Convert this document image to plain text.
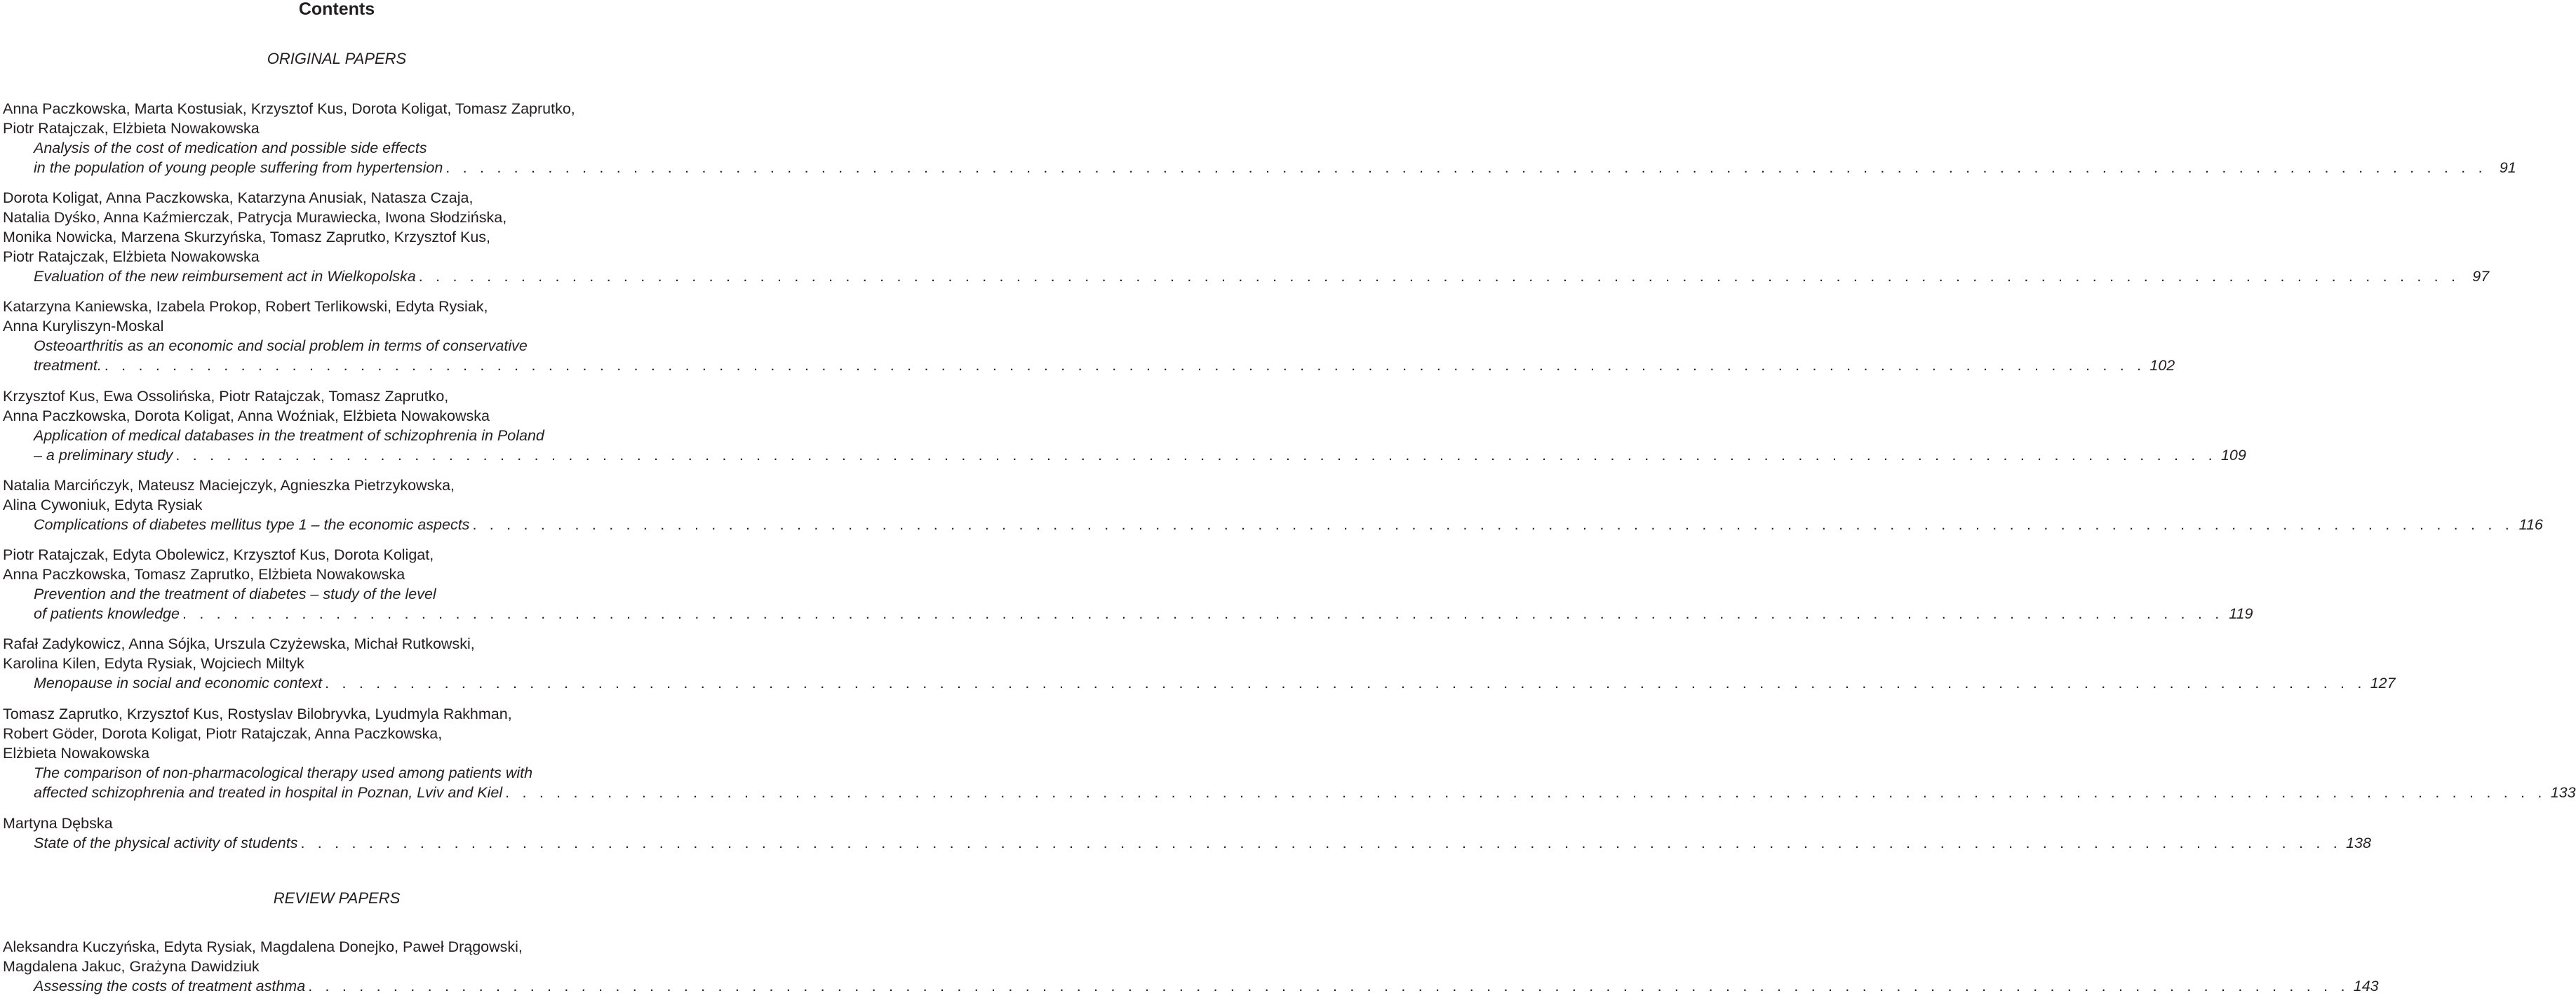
Contents
ORIGINAL PAPERS
Anna Paczkowska, Marta Kostusiak, Krzysztof Kus, Dorota Koligat, Tomasz Zaprutko,
Piotr Ratajczak, Elżbieta Nowakowska
Analysis of the cost of medication and possible side effects
in the population of young people suffering from hypertension . . . . . . . . . . . . . . . . . . . . . . . . . . . . . . . . . . . . . . . . . . . . . . . . . . . . . . . . . . . . . . . . . . . . . . . . . . . . . . . . . . . . . . . . . . . . . . . . . . . . . . . . . . . . . . . . . . . . . . . . 91
Dorota Koligat, Anna Paczkowska, Katarzyna Anusiak, Natasza Czaja,
Natalia Dyśko, Anna Kaźmierczak, Patrycja Murawiecka, Iwona Słodzińska,
Monika Nowicka, Marzena Skurzyńska, Tomasz Zaprutko, Krzysztof Kus,
Piotr Ratajczak, Elżbieta Nowakowska
Evaluation of the new reimbursement act in Wielkopolska . . . . . . . . . . . . . . . . . . . . . . . . . . . . . . . . . . . . . . . . . . . . . . . . . . . . . . . . . . . . . . . . . . . . . . . . . . . . . . . . . . . . . . . . . . . . . . . . . . . . . . . . . . . . . . . . . . . . . . . . 97
Katarzyna Kaniewska, Izabela Prokop, Robert Terlikowski, Edyta Rysiak,
Anna Kuryliszyn-Moskal
Osteoarthritis as an economic and social problem in terms of conservative
treatment. . . . . . . . . . . . . . . . . . . . . . . . . . . . . . . . . . . . . . . . . . . . . . . . . . . . . . . . . . . . . . . . . . . . . . . . . . . . . . . . . . . . . . . . . . . . . . . . . . . . . . . . . . . . . . . . . . . . . . . . . 102
Krzysztof Kus, Ewa Ossolińska, Piotr Ratajczak, Tomasz Zaprutko,
Anna Paczkowska, Dorota Koligat, Anna Woźniak, Elżbieta Nowakowska
Application of medical databases in the treatment of schizophrenia in Poland
– a preliminary study . . . . . . . . . . . . . . . . . . . . . . . . . . . . . . . . . . . . . . . . . . . . . . . . . . . . . . . . . . . . . . . . . . . . . . . . . . . . . . . . . . . . . . . . . . . . . . . . . . . . . . . . . . . . . . . . . . . . . . . . 109
Natalia Marcińczyk, Mateusz Maciejczyk, Agnieszka Pietrzykowska,
Alina Cywoniuk, Edyta Rysiak
Complications of diabetes mellitus type 1 – the economic aspects . . . . . . . . . . . . . . . . . . . . . . . . . . . . . . . . . . . . . . . . . . . . . . . . . . . . . . . . . . . . . . . . . . . . . . . . . . . . . . . . . . . . . . . . . . . . . . . . . . . . . . . . . . . . . . . . . . . . . . . . 116
Piotr Ratajczak, Edyta Obolewicz, Krzysztof Kus, Dorota Koligat,
Anna Paczkowska, Tomasz Zaprutko, Elżbieta Nowakowska
Prevention and the treatment of diabetes – study of the level
of patients knowledge . . . . . . . . . . . . . . . . . . . . . . . . . . . . . . . . . . . . . . . . . . . . . . . . . . . . . . . . . . . . . . . . . . . . . . . . . . . . . . . . . . . . . . . . . . . . . . . . . . . . . . . . . . . . . . . . . . . . . . . . 119
Rafał Zadykowicz, Anna Sójka, Urszula Czyżewska, Michał Rutkowski,
Karolina Kilen, Edyta Rysiak, Wojciech Miltyk
Menopause in social and economic context . . . . . . . . . . . . . . . . . . . . . . . . . . . . . . . . . . . . . . . . . . . . . . . . . . . . . . . . . . . . . . . . . . . . . . . . . . . . . . . . . . . . . . . . . . . . . . . . . . . . . . . . . . . . . . . . . . . . . . . . 127
Tomasz Zaprutko, Krzysztof Kus, Rostyslav Bilobryvka, Lyudmyla Rakhman,
Robert Göder, Dorota Koligat, Piotr Ratajczak, Anna Paczkowska,
Elżbieta Nowakowska
The comparison of non-pharmacological therapy used among patients with
affected schizophrenia and treated in hospital in Poznan, Lviv and Kiel . . . . . . . . . . . . . . . . . . . . . . . . . . . . . . . . . . . . . . . . . . . . . . . . . . . . . . . . . . . . . . . . . . . . . . . . . . . . . . . . . . . . . . . . . . . . . . . . . . . . . . . . . . . . . . . . . . . . . . . . 133
Martyna Dębska
State of the physical activity of students . . . . . . . . . . . . . . . . . . . . . . . . . . . . . . . . . . . . . . . . . . . . . . . . . . . . . . . . . . . . . . . . . . . . . . . . . . . . . . . . . . . . . . . . . . . . . . . . . . . . . . . . . . . . . . . . . . . . . . . . 138
REVIEW PAPERS
Aleksandra Kuczyńska, Edyta Rysiak, Magdalena Donejko, Paweł Drągowski,
Magdalena Jakuc, Grażyna Dawidziuk
Assessing the costs of treatment asthma . . . . . . . . . . . . . . . . . . . . . . . . . . . . . . . . . . . . . . . . . . . . . . . . . . . . . . . . . . . . . . . . . . . . . . . . . . . . . . . . . . . . . . . . . . . . . . . . . . . . . . . . . . . . . . . . . . . . . . . . 143
